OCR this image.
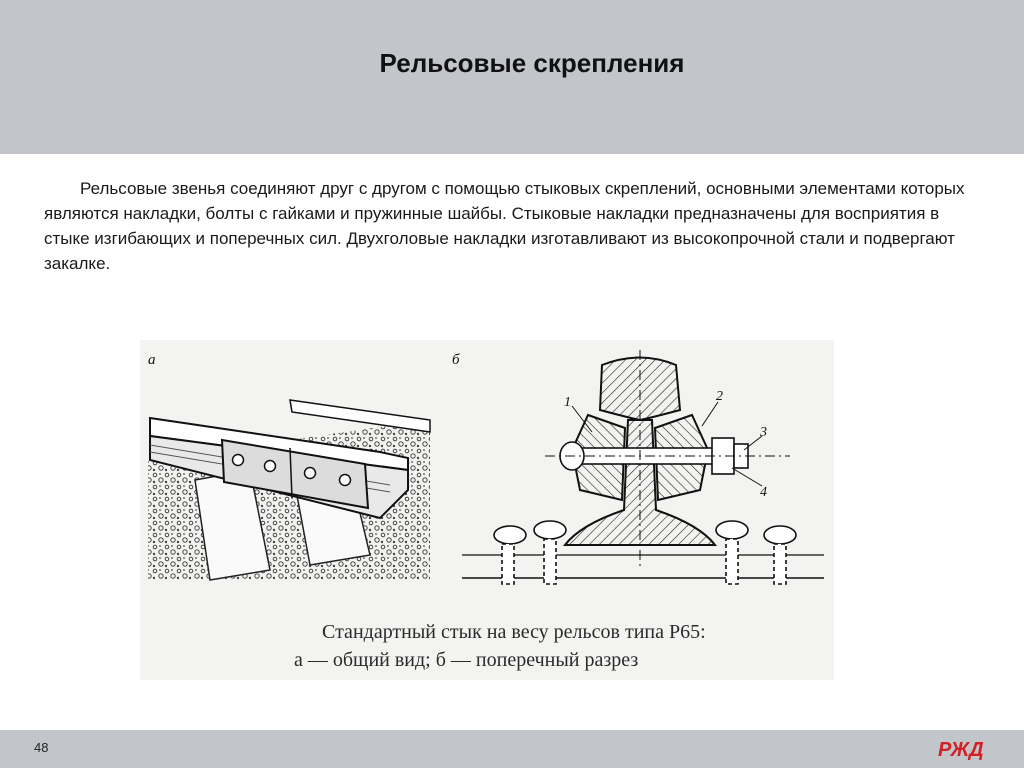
Рельсовые скрепления

Рельсовые звенья соединяют друг с другом с помощью стыковых скреплений, основными элементами которых являются накладки, болты с гайками и пружинные шайбы. Стыковые накладки предназначены для восприятия в стыке изгибающих и поперечных сил. Двухголовые накладки изготавливают из высокопрочной стали и подвергают закалке.

а	б
1	2
3
4
Стандартный стык на весу рельсов типа Р65:
а — общий вид; б — поперечный разрез
48	РЖД
